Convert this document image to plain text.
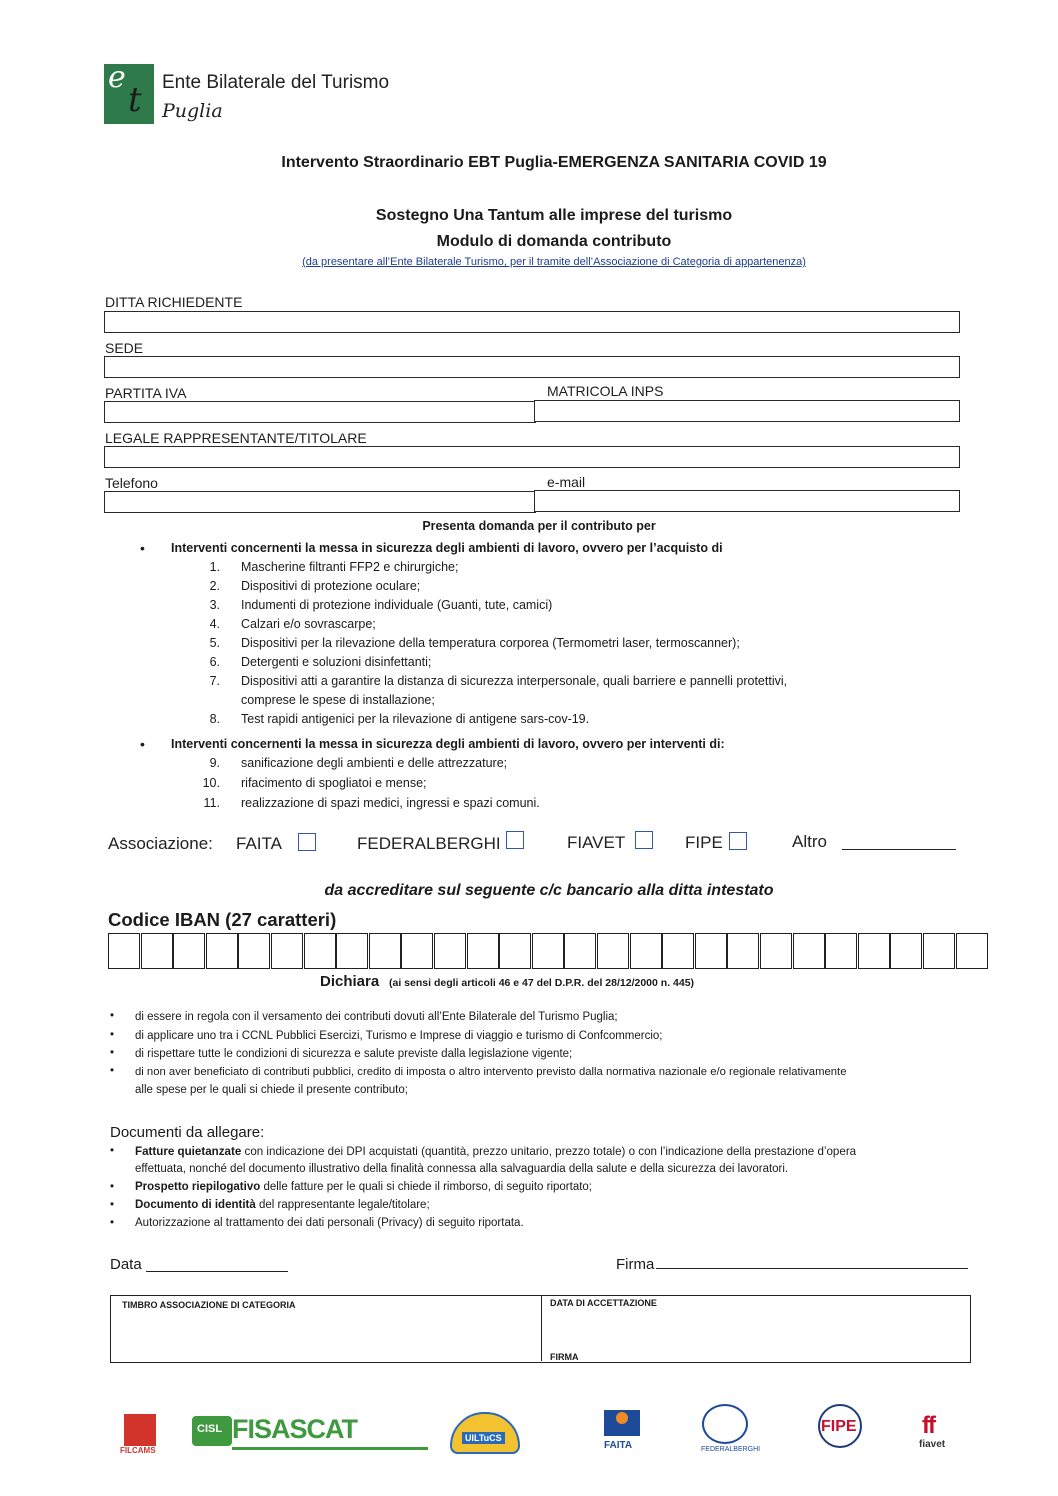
e
t Ente Bilaterale del Turismo
Puglia
Intervento Straordinario EBT Puglia-EMERGENZA SANITARIA COVID 19
Sostegno Una Tantum alle imprese del turismo
Modulo di domanda contributo
(da presentare all’Ente Bilaterale Turismo, per il tramite dell’Associazione di Categoria di appartenenza)
DITTA RICHIEDENTE
SEDE
PARTITA IVA	MATRICOLA INPS
LEGALE RAPPRESENTANTE/TITOLARE
Telefono	e-mail
Presenta domanda per il contributo per
• Interventi concernenti la messa in sicurezza degli ambienti di lavoro, ovvero per l’acquisto di
1. Mascherine filtranti FFP2 e chirurgiche;
2. Dispositivi di protezione oculare;
3. Indumenti di protezione individuale (Guanti, tute, camici)
4. Calzari e/o sovrascarpe;
5. Dispositivi per la rilevazione della temperatura corporea (Termometri laser, termoscanner);
6. Detergenti e soluzioni disinfettanti;
7. Dispositivi atti a garantire la distanza di sicurezza interpersonale, quali barriere e pannelli protettivi,
comprese le spese di installazione;
8. Test rapidi antigenici per la rilevazione di antigene sars-cov-19.
• Interventi concernenti la messa in sicurezza degli ambienti di lavoro, ovvero per interventi di:
9. sanificazione degli ambienti e delle attrezzature;
10. rifacimento di spogliatoi e mense;
11. realizzazione di spazi medici, ingressi e spazi comuni.
Associazione: FAITA	FEDERALBERGHI	FIAVET	FIPE	Altro
da accreditare sul seguente c/c bancario alla ditta intestato
Codice IBAN (27 caratteri)
Dichiara (ai sensi degli articoli 46 e 47 del D.P.R. del 28/12/2000 n. 445)
• di essere in regola con il versamento dei contributi dovuti all’Ente Bilaterale del Turismo Puglia;
• di applicare uno tra i CCNL Pubblici Esercizi, Turismo e Imprese di viaggio e turismo di Confcommercio;
• di rispettare tutte le condizioni di sicurezza e salute previste dalla legislazione vigente;
• di non aver beneficiato di contributi pubblici, credito di imposta o altro intervento previsto dalla normativa nazionale e/o regionale relativamente
alle spese per le quali si chiede il presente contributo;
Documenti da allegare:
• Fatture quietanzate con indicazione dei DPI acquistati (quantità, prezzo unitario, prezzo totale) o con l’indicazione della prestazione d’opera
effettuata, nonché del documento illustrativo della finalità connessa alla salvaguardia della salute e della sicurezza dei lavoratori.
• Prospetto riepilogativo delle fatture per le quali si chiede il rimborso, di seguito riportato;
• Documento di identità del rappresentante legale/titolare;
• Autorizzazione al trattamento dei dati personali (Privacy) di seguito riportata.
Data	Firma
TIMBRO ASSOCIAZIONE DI CATEGORIA	DATA DI ACCETTAZIONE
FIRMA
FILCAMS
CISL FISASCAT	UILTuCS
FAITA	FEDERALBERGHI
FIPE	ff
fiavet
